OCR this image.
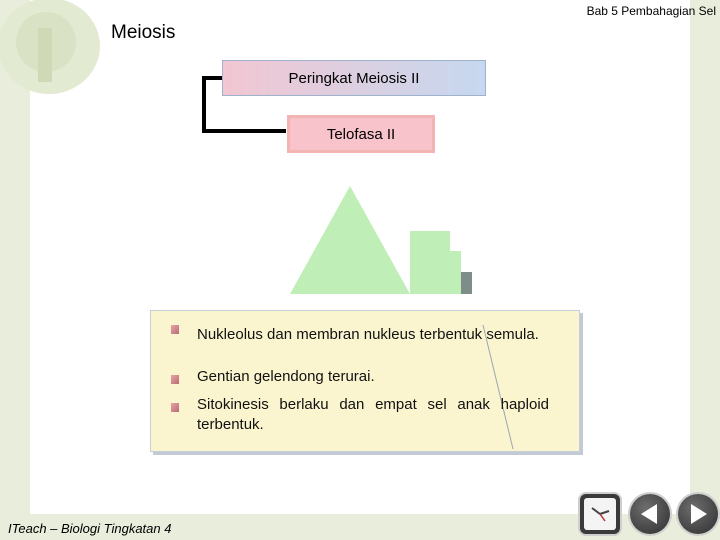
Bab 5 Pembahagian Sel
Meiosis
Peringkat Meiosis II
Telofasa II
Nukleolus dan membran nukleus terbentuk semula.
Gentian gelendong terurai.
Sitokinesis berlaku dan empat sel anak haploid terbentuk.
ITeach – Biologi Tingkatan 4
